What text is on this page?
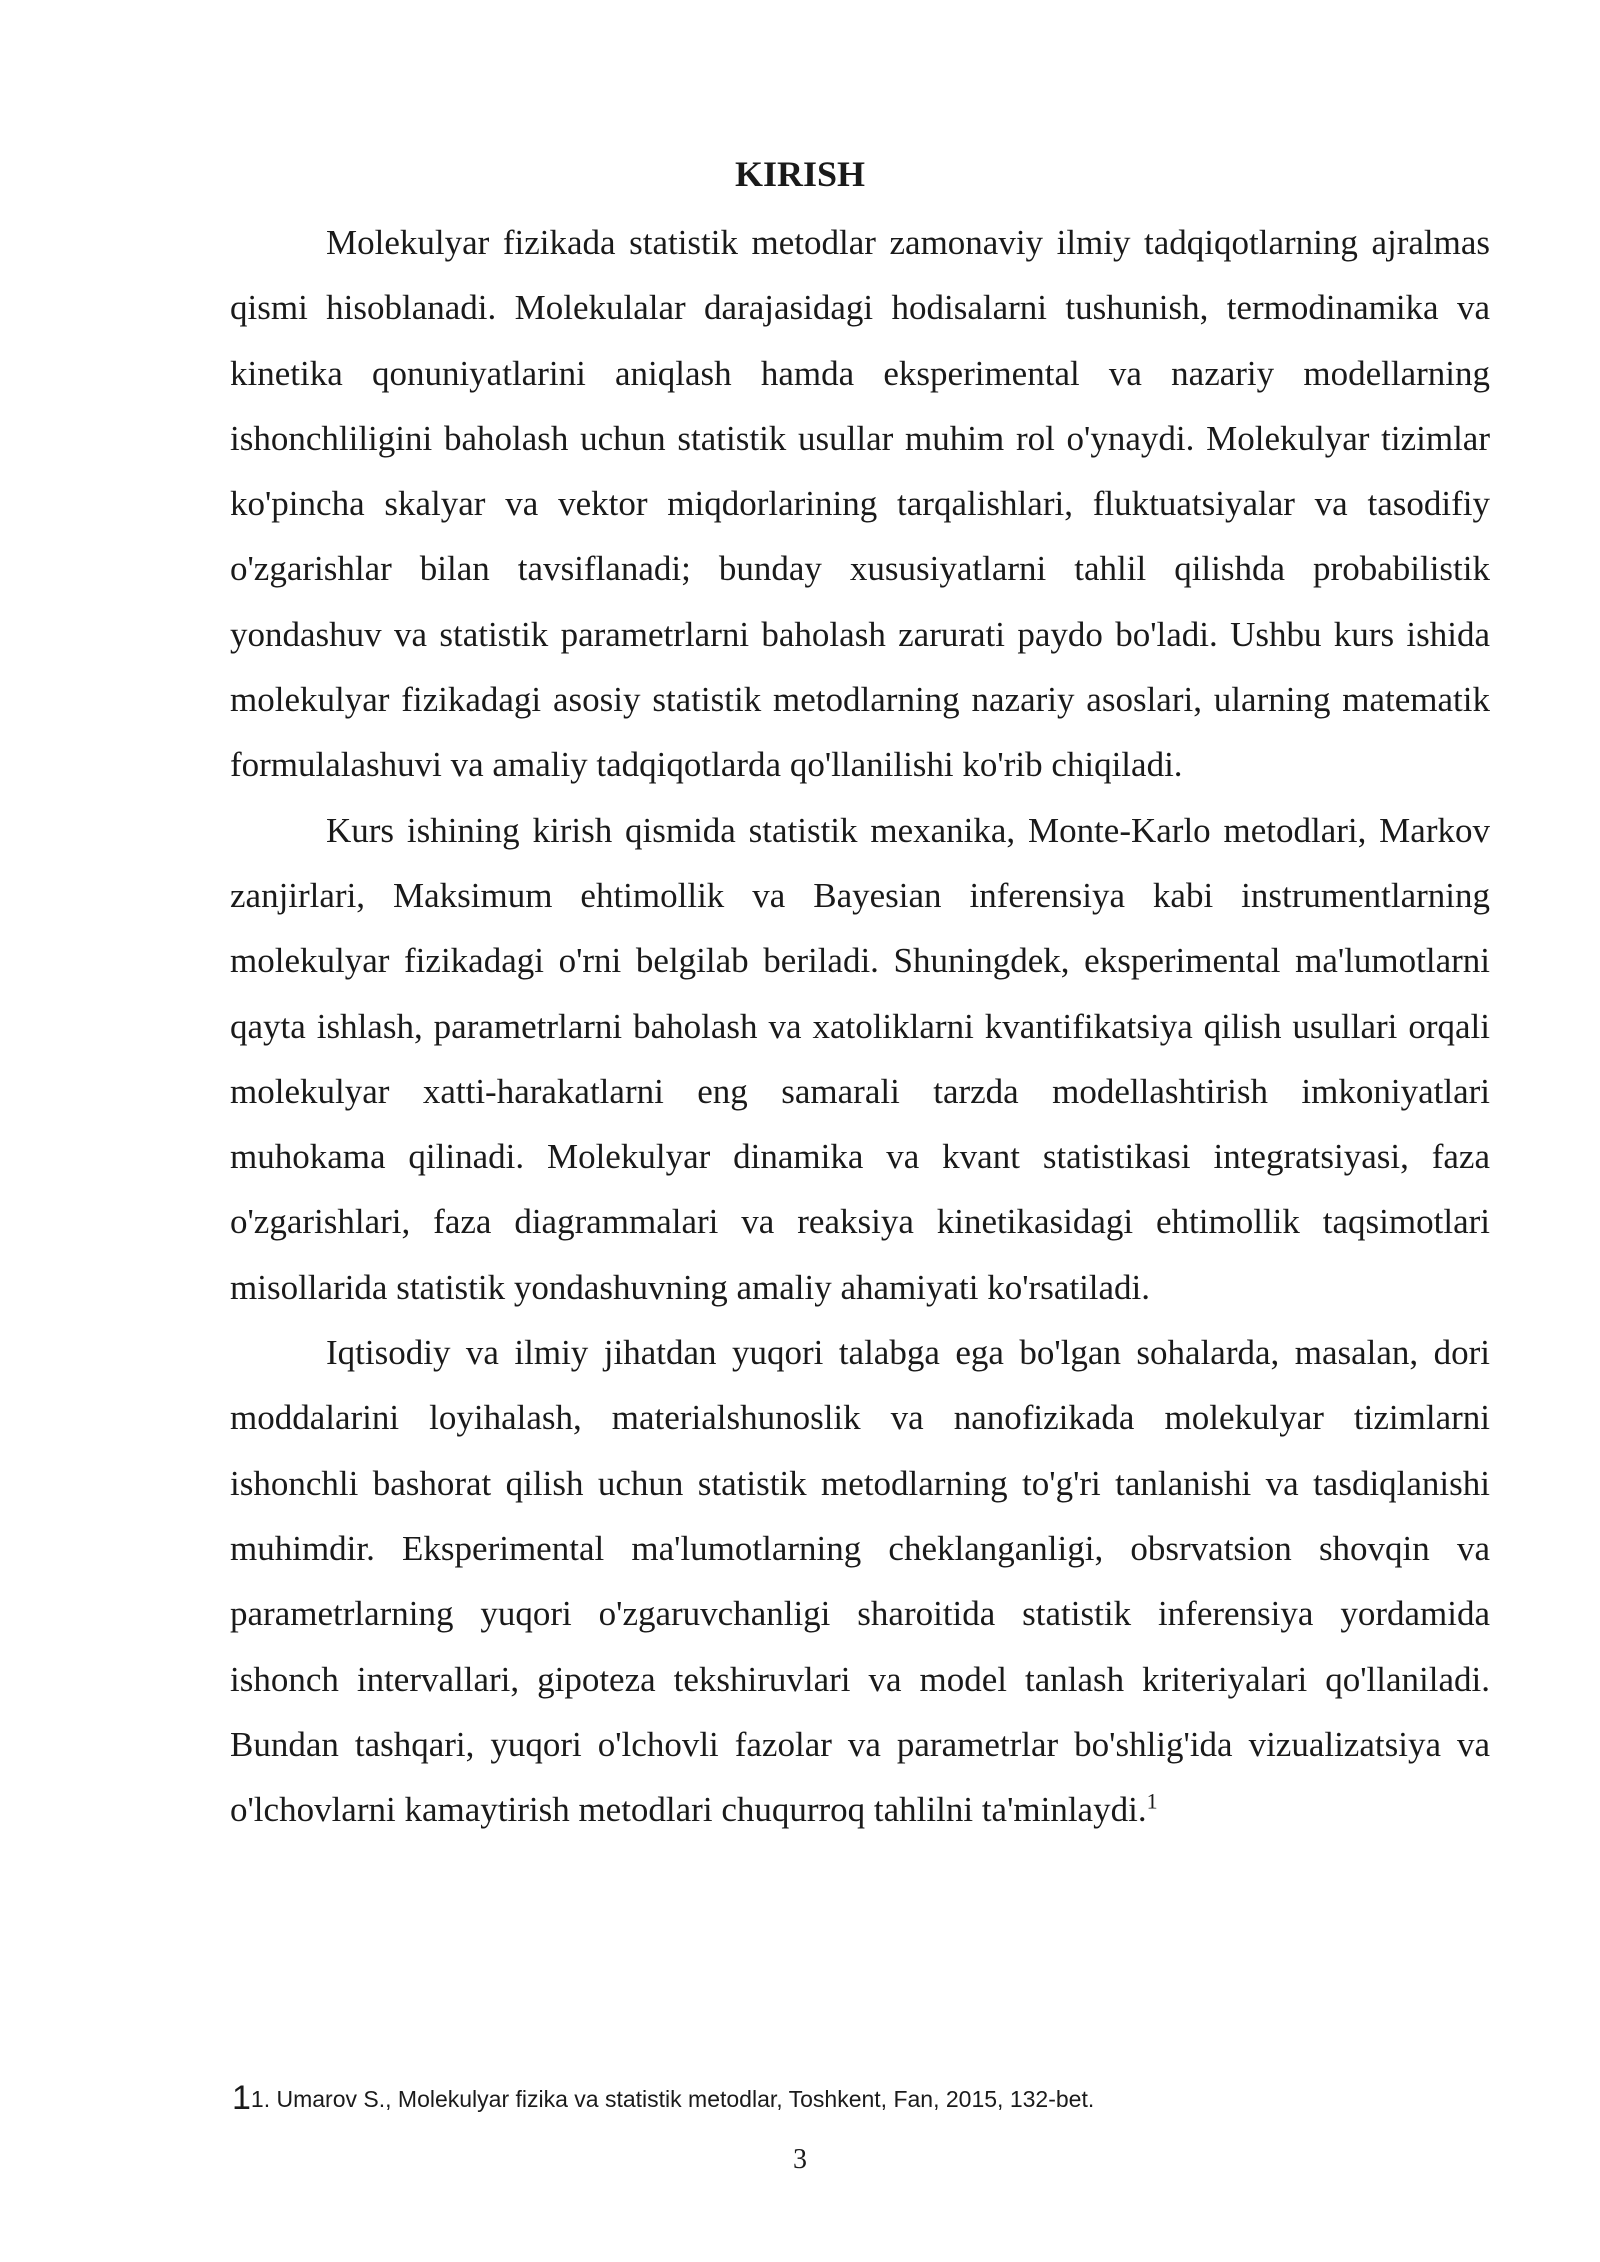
KIRISH

Molekulyar fizikada statistik metodlar zamonaviy ilmiy tadqiqotlarning ajralmas qismi hisoblanadi. Molekulalar darajasidagi hodisalarni tushunish, termodinamika va kinetika qonuniyatlarini aniqlash hamda eksperimental va nazariy modellarning ishonchliligini baholash uchun statistik usullar muhim rol o'ynaydi. Molekulyar tizimlar ko'pincha skalyar va vektor miqdorlarining tarqalishlari, fluktuatsiyalar va tasodifiy o'zgarishlar bilan tavsiflanadi; bunday xususiyatlarni tahlil qilishda probabilistik yondashuv va statistik parametrlarni baholash zarurati paydo bo'ladi. Ushbu kurs ishida molekulyar fizikadagi asosiy statistik metodlarning nazariy asoslari, ularning matematik formulalashuvi va amaliy tadqiqotlarda qo'llanilishi ko'rib chiqiladi.

Kurs ishining kirish qismida statistik mexanika, Monte-Karlo metodlari, Markov zanjirlari, Maksimum ehtimollik va Bayesian inferensiya kabi instrumentlarning molekulyar fizikadagi o'rni belgilab beriladi. Shuningdek, eksperimental ma'lumotlarni qayta ishlash, parametrlarni baholash va xatoliklarni kvantifikatsiya qilish usullari orqali molekulyar xatti-harakatlarni eng samarali tarzda modellashtirish imkoniyatlari muhokama qilinadi. Molekulyar dinamika va kvant statistikasi integratsiyasi, faza o'zgarishlari, faza diagrammalari va reaksiya kinetikasidagi ehtimollik taqsimotlari misollarida statistik yondashuvning amaliy ahamiyati ko'rsatiladi.

Iqtisodiy va ilmiy jihatdan yuqori talabga ega bo'lgan sohalarda, masalan, dori moddalarini loyihalash, materialshunoslik va nanofizikada molekulyar tizimlarni ishonchli bashorat qilish uchun statistik metodlarning to'g'ri tanlanishi va tasdiqlanishi muhimdir. Eksperimental ma'lumotlarning cheklanganligi, obsrvatsion shovqin va parametrlarning yuqori o'zgaruvchanligi sharoitida statistik inferensiya yordamida ishonch intervallari, gipoteza tekshiruvlari va model tanlash kriteriyalari qo'llaniladi. Bundan tashqari, yuqori o'lchovli fazolar va parametrlar bo'shlig'ida vizualizatsiya va o'lchovlarni kamaytirish metodlari chuqurroq tahlilni ta'minlaydi.$^1$

11. Umarov S., Molekulyar fizika va statistik metodlar, Toshkent, Fan, 2015, 132-bet.

3
